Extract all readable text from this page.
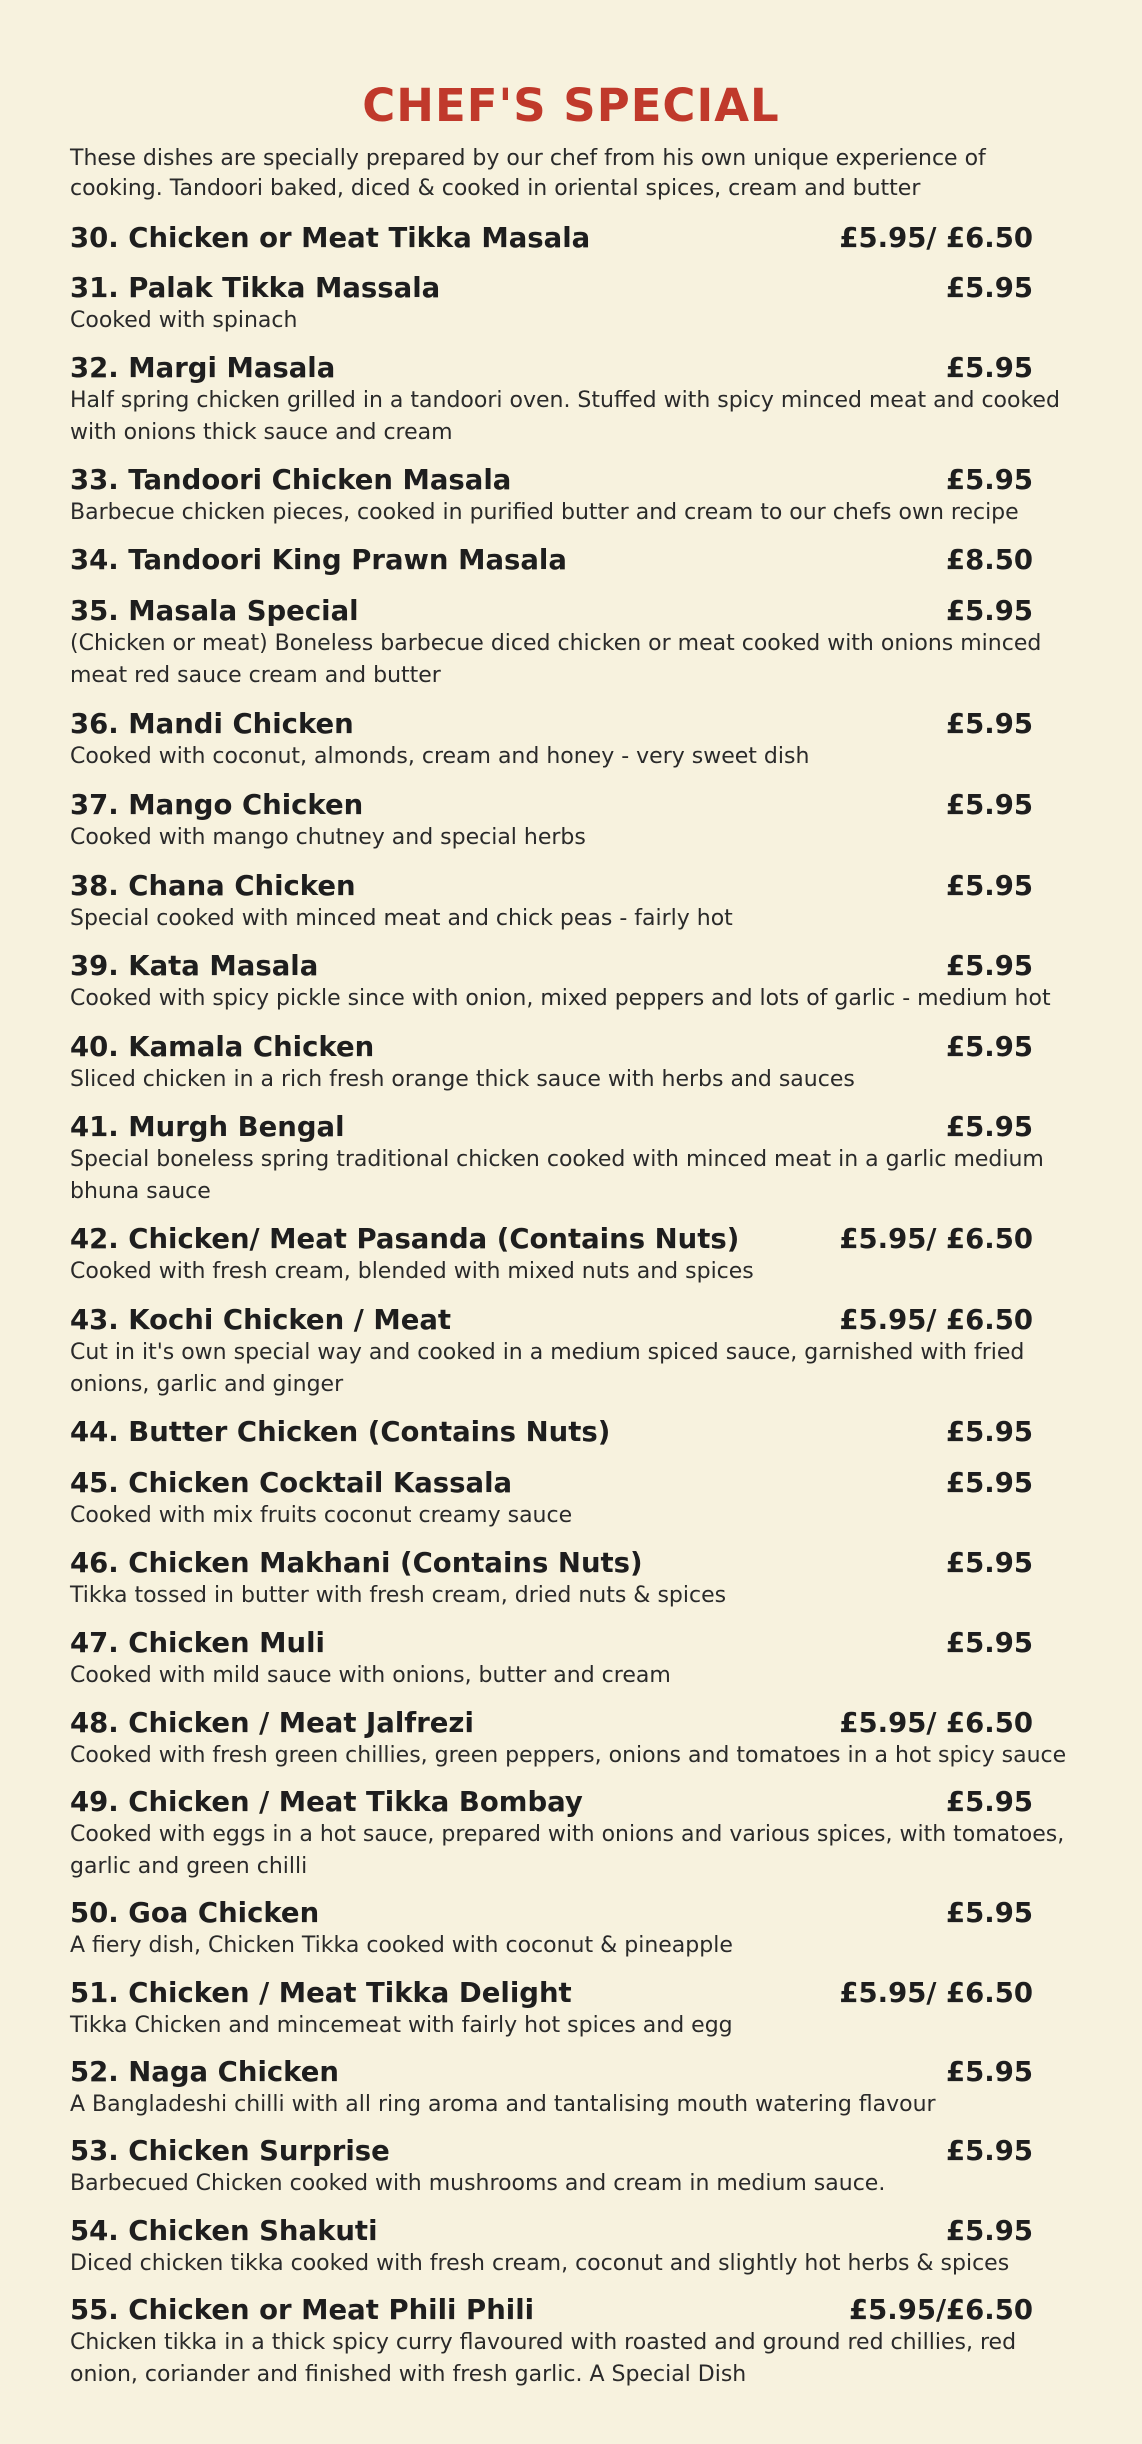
CHEF'S SPECIAL
These dishes are specially prepared by our chef from his own unique experience of cooking. Tandoori baked, diced & cooked in oriental spices, cream and butter
30. Chicken or Meat Tikka Masala	£5.95/ £6.50
31. Palak Tikka Massala	£5.95
Cooked with spinach
32. Margi Masala	£5.95
Half spring chicken grilled in a tandoori oven. Stuffed with spicy minced meat and cooked with onions thick sauce and cream
33. Tandoori Chicken Masala	£5.95
Barbecue chicken pieces, cooked in purified butter and cream to our chefs own recipe
34. Tandoori King Prawn Masala	£8.50
35. Masala Special	£5.95
(Chicken or meat) Boneless barbecue diced chicken or meat cooked with onions minced meat red sauce cream and butter
36. Mandi Chicken	£5.95
Cooked with coconut, almonds, cream and honey - very sweet dish
37. Mango Chicken	£5.95
Cooked with mango chutney and special herbs
38. Chana Chicken	£5.95
Special cooked with minced meat and chick peas - fairly hot
39. Kata Masala	£5.95
Cooked with spicy pickle since with onion, mixed peppers and lots of garlic - medium hot
40. Kamala Chicken	£5.95
Sliced chicken in a rich fresh orange thick sauce with herbs and sauces
41. Murgh Bengal	£5.95
Special boneless spring traditional chicken cooked with minced meat in a garlic medium bhuna sauce
42. Chicken/ Meat Pasanda (Contains Nuts)	£5.95/ £6.50
Cooked with fresh cream, blended with mixed nuts and spices
43. Kochi Chicken / Meat	£5.95/ £6.50
Cut in it's own special way and cooked in a medium spiced sauce, garnished with fried onions, garlic and ginger
44. Butter Chicken (Contains Nuts)	£5.95
45. Chicken Cocktail Kassala	£5.95
Cooked with mix fruits coconut creamy sauce
46. Chicken Makhani (Contains Nuts)	£5.95
Tikka tossed in butter with fresh cream, dried nuts & spices
47. Chicken Muli	£5.95
Cooked with mild sauce with onions, butter and cream
48. Chicken / Meat Jalfrezi	£5.95/ £6.50
Cooked with fresh green chillies, green peppers, onions and tomatoes in a hot spicy sauce
49. Chicken / Meat Tikka Bombay	£5.95
Cooked with eggs in a hot sauce, prepared with onions and various spices, with tomatoes, garlic and green chilli
50. Goa Chicken	£5.95
A fiery dish, Chicken Tikka cooked with coconut & pineapple
51. Chicken / Meat Tikka Delight	£5.95/ £6.50
Tikka Chicken and mincemeat with fairly hot spices and egg
52. Naga Chicken	£5.95
A Bangladeshi chilli with all ring aroma and tantalising mouth watering flavour
53. Chicken Surprise	£5.95
Barbecued Chicken cooked with mushrooms and cream in medium sauce.
54. Chicken Shakuti	£5.95
Diced chicken tikka cooked with fresh cream, coconut and slightly hot herbs & spices
55. Chicken or Meat Phili Phili	£5.95/£6.50
Chicken tikka in a thick spicy curry flavoured with roasted and ground red chillies, red onion, coriander and finished with fresh garlic. A Special Dish
